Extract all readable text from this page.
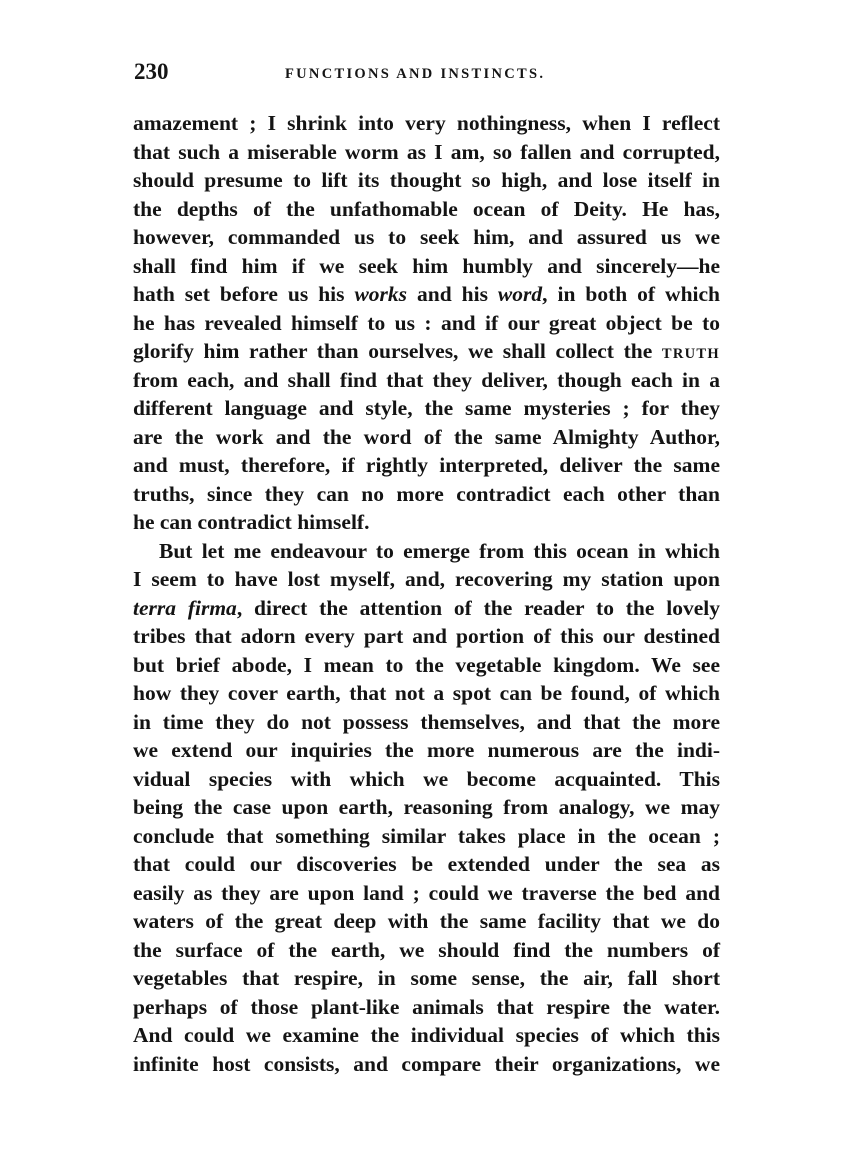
230	FUNCTIONS AND INSTINCTS.
amazement ; I shrink into very nothingness, when I reflect
that such a miserable worm as I am, so fallen and corrupted,
should presume to lift its thought so high, and lose itself in
the depths of the unfathomable ocean of Deity. He has,
however, commanded us to seek him, and assured us we
shall find him if we seek him humbly and sincerely—he
hath set before us his works and his word, in both of which
he has revealed himself to us : and if our great object be to
glorify him rather than ourselves, we shall collect the TRUTH
from each, and shall find that they deliver, though each in a
different language and style, the same mysteries ; for they
are the work and the word of the same Almighty Author,
and must, therefore, if rightly interpreted, deliver the same
truths, since they can no more contradict each other than
he can contradict himself.
But let me endeavour to emerge from this ocean in which
I seem to have lost myself, and, recovering my station upon
terra firma, direct the attention of the reader to the lovely
tribes that adorn every part and portion of this our destined
but brief abode, I mean to the vegetable kingdom. We see
how they cover earth, that not a spot can be found, of which
in time they do not possess themselves, and that the more
we extend our inquiries the more numerous are the indi-
vidual species with which we become acquainted. This
being the case upon earth, reasoning from analogy, we may
conclude that something similar takes place in the ocean ;
that could our discoveries be extended under the sea as
easily as they are upon land ; could we traverse the bed and
waters of the great deep with the same facility that we do
the surface of the earth, we should find the numbers of
vegetables that respire, in some sense, the air, fall short
perhaps of those plant-like animals that respire the water.
And could we examine the individual species of which this
infinite host consists, and compare their organizations, we
